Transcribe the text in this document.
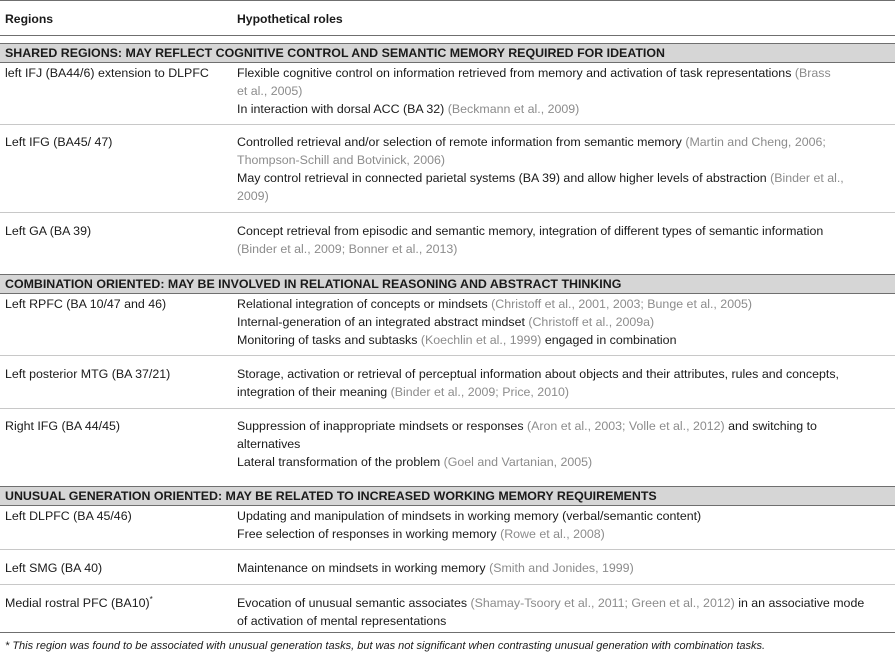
Regions	Hypothetical roles
SHARED REGIONS: MAY REFLECT COGNITIVE CONTROL AND SEMANTIC MEMORY REQUIRED FOR IDEATION
left IFJ (BA44/6) extension to DLPFC	Flexible cognitive control on information retrieved from memory and activation of task representations (Brass
et al., 2005)
In interaction with dorsal ACC (BA 32) (Beckmann et al., 2009)
Left IFG (BA45/ 47)	Controlled retrieval and/or selection of remote information from semantic memory (Martin and Cheng, 2006;
Thompson-Schill and Botvinick, 2006)
May control retrieval in connected parietal systems (BA 39) and allow higher levels of abstraction (Binder et al.,
2009)
Left GA (BA 39)	Concept retrieval from episodic and semantic memory, integration of different types of semantic information
(Binder et al., 2009; Bonner et al., 2013)
COMBINATION ORIENTED: MAY BE INVOLVED IN RELATIONAL REASONING AND ABSTRACT THINKING
Left RPFC (BA 10/47 and 46)	Relational integration of concepts or mindsets (Christoff et al., 2001, 2003; Bunge et al., 2005)
Internal-generation of an integrated abstract mindset (Christoff et al., 2009a)
Monitoring of tasks and subtasks (Koechlin et al., 1999) engaged in combination
Left posterior MTG (BA 37/21)	Storage, activation or retrieval of perceptual information about objects and their attributes, rules and concepts,
integration of their meaning (Binder et al., 2009; Price, 2010)
Right IFG (BA 44/45)	Suppression of inappropriate mindsets or responses (Aron et al., 2003; Volle et al., 2012) and switching to
alternatives
Lateral transformation of the problem (Goel and Vartanian, 2005)
UNUSUAL GENERATION ORIENTED: MAY BE RELATED TO INCREASED WORKING MEMORY REQUIREMENTS
Left DLPFC (BA 45/46)	Updating and manipulation of mindsets in working memory (verbal/semantic content)
Free selection of responses in working memory (Rowe et al., 2008)
Left SMG (BA 40)	Maintenance on mindsets in working memory (Smith and Jonides, 1999)
Medial rostral PFC (BA10)*	Evocation of unusual semantic associates (Shamay-Tsoory et al., 2011; Green et al., 2012) in an associative mode
of activation of mental representations
* This region was found to be associated with unusual generation tasks, but was not significant when contrasting unusual generation with combination tasks.
